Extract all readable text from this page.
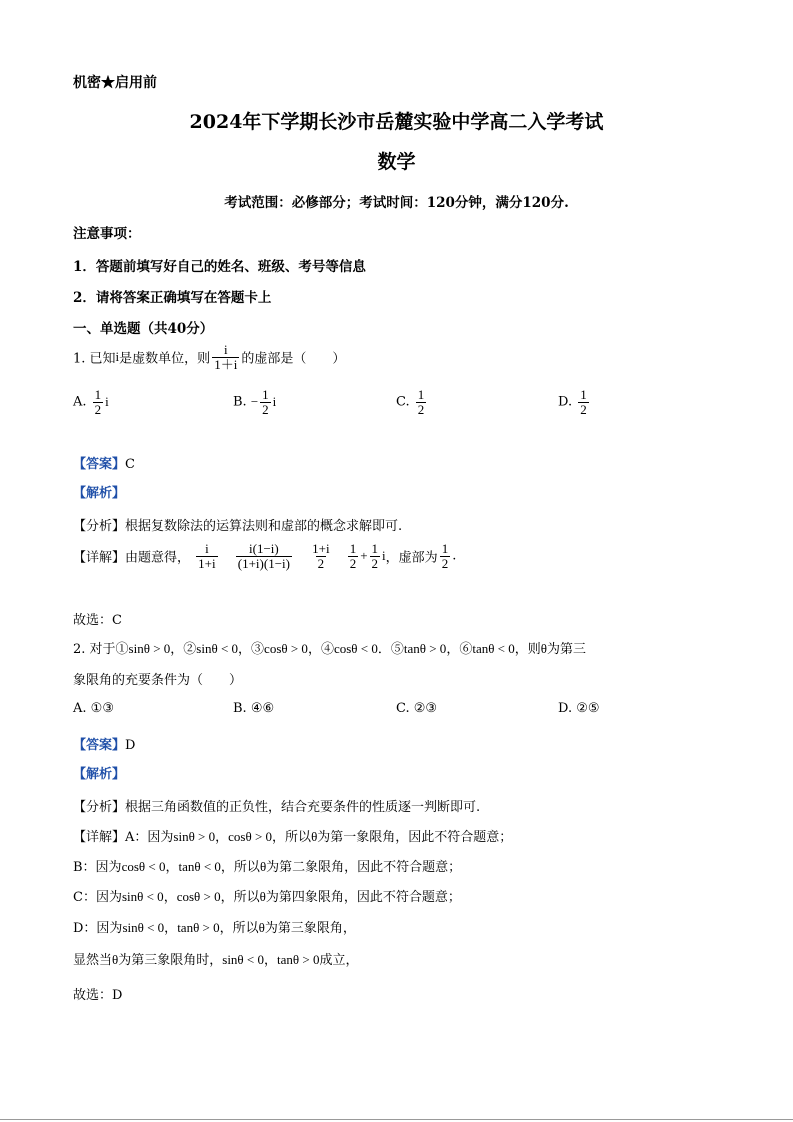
机密★启用前
2024年下学期长沙市岳麓实验中学高二入学考试
数学
考试范围：必修部分；考试时间：120分钟，满分120分.
注意事项：
1．答题前填写好自己的姓名、班级、考号等信息
2．请将答案正确填写在答题卡上
一、单选题（共40分）
1. 已知i是虚数单位，则 $\frac{i}{1+i}$ 的虚部是（　　）
A. $\frac{1}{2}$ i	B. − $\frac{1}{2}$ i	C. $\frac{1}{2}$	D. $\frac{1}{2}$
【答案】C
【解析】
【分析】根据复数除法的运算法则和虚部的概念求解即可.
【详解】由题意得， $\frac{i}{1+i}$
$\frac{i(1-i)}{(1+i)(1-i)}$
$\frac{1+i}{2}$
$\frac{1}{2} + \frac{1}{2}$ i，虚部为 $\frac{1}{2}$ .
故选：C
2. 对于①sinθ > 0，②sinθ < 0，③cosθ > 0，④cosθ < 0．⑤tanθ > 0，⑥tanθ < 0，则θ为第三
象限角的充要条件为（　　）
A. ①③	B. ④⑥	C. ②③	D. ②⑤
【答案】D
【解析】
【分析】根据三角函数值的正负性，结合充要条件的性质逐一判断即可.
【详解】A：因为sinθ > 0，cosθ > 0，所以θ为第一象限角，因此不符合题意；
B：因为cosθ < 0，tanθ < 0，所以θ为第二象限角，因此不符合题意；
C：因为sinθ < 0，cosθ > 0，所以θ为第四象限角，因此不符合题意；
D：因为sinθ < 0，tanθ > 0，所以θ为第三象限角，
显然当θ为第三象限角时，sinθ < 0，tanθ > 0成立，
故选：D
